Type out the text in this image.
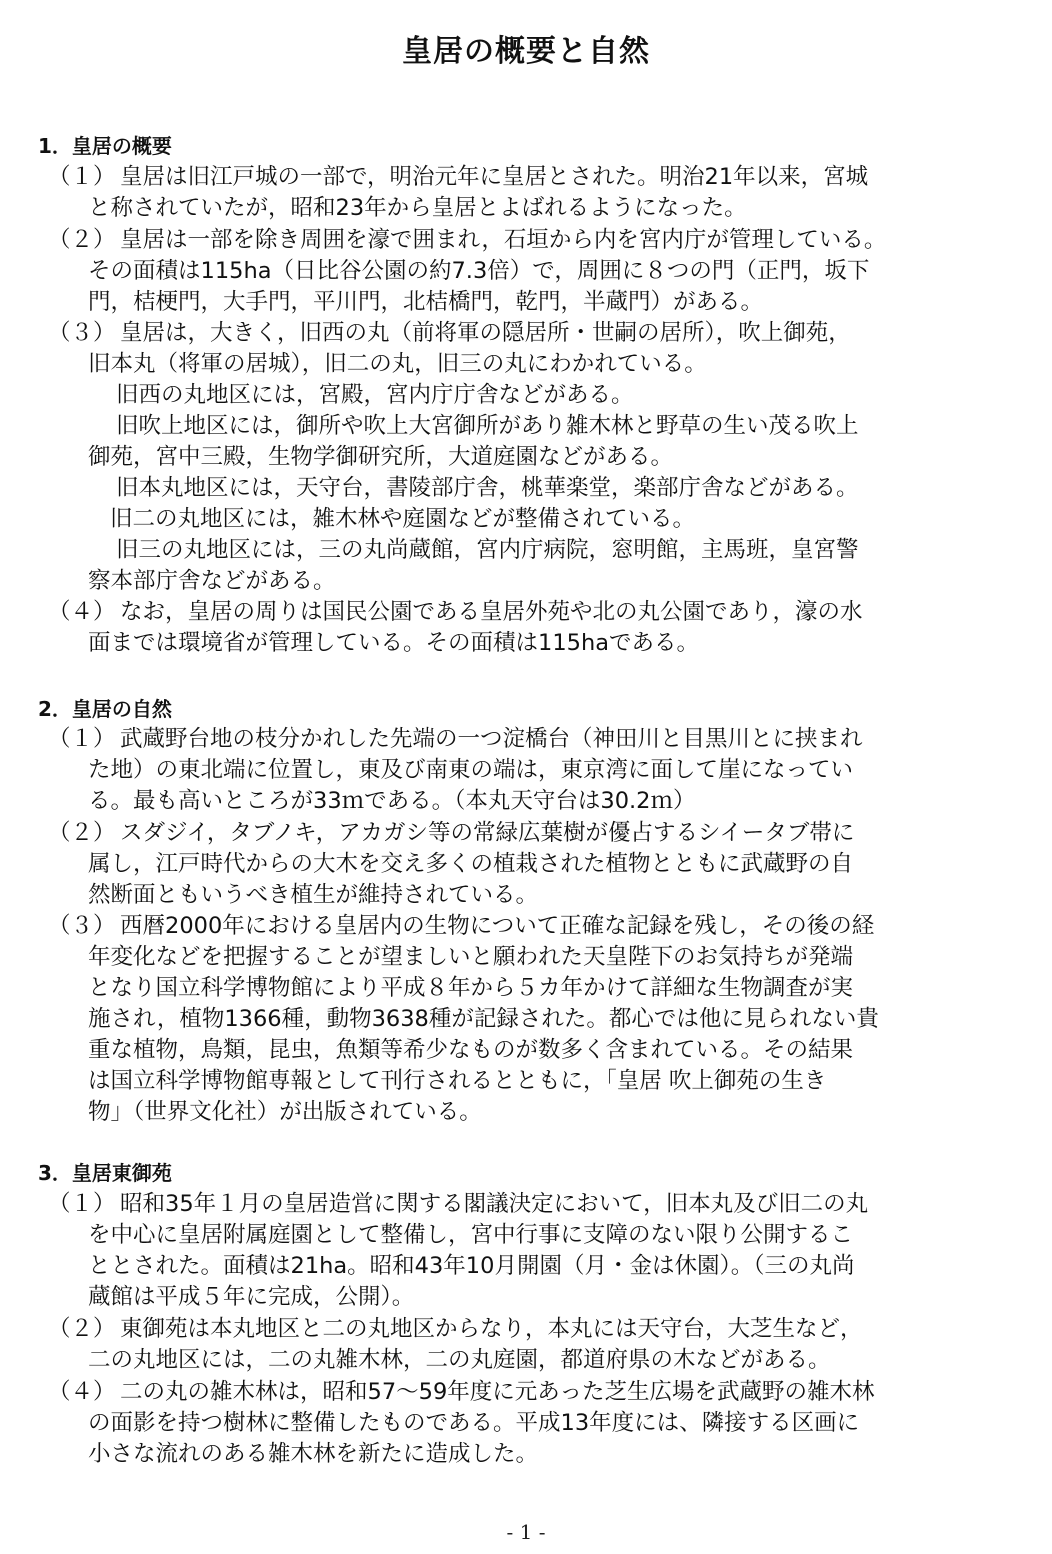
皇居の概要と自然
1．皇居の概要
（１） 皇居は旧江戸城の一部で，明治元年に皇居とされた。明治21年以来，宮城
と称されていたが，昭和23年から皇居とよばれるようになった。
（２） 皇居は一部を除き周囲を濠で囲まれ，石垣から内を宮内庁が管理している。
その面積は115ha（日比谷公園の約7.3倍）で，周囲に８つの門（正門，坂下
門，桔梗門，大手門，平川門，北桔橋門，乾門，半蔵門）がある。
（３） 皇居は，大きく，旧西の丸（前将軍の隠居所・世嗣の居所），吹上御苑，
旧本丸（将軍の居城），旧二の丸，旧三の丸にわかれている。
旧西の丸地区には，宮殿，宮内庁庁舎などがある。
旧吹上地区には，御所や吹上大宮御所があり雑木林と野草の生い茂る吹上
御苑，宮中三殿，生物学御研究所，大道庭園などがある。
旧本丸地区には，天守台，書陵部庁舎，桃華楽堂，楽部庁舎などがある。
旧二の丸地区には，雑木林や庭園などが整備されている。
旧三の丸地区には，三の丸尚蔵館，宮内庁病院，窓明館，主馬班，皇宮警
察本部庁舎などがある。
（４） なお，皇居の周りは国民公園である皇居外苑や北の丸公園であり，濠の水
面までは環境省が管理している。その面積は115haである。
2．皇居の自然
（１） 武蔵野台地の枝分かれした先端の一つ淀橋台（神田川と目黒川とに挟まれ
た地）の東北端に位置し，東及び南東の端は，東京湾に面して崖になってい
る。最も高いところが33ｍである。（本丸天守台は30.2ｍ）
（２） スダジイ，タブノキ，アカガシ等の常緑広葉樹が優占するシイータブ帯に
属し，江戸時代からの大木を交え多くの植栽された植物とともに武蔵野の自
然断面ともいうべき植生が維持されている。
（３） 西暦2000年における皇居内の生物について正確な記録を残し，その後の経
年変化などを把握することが望ましいと願われた天皇陛下のお気持ちが発端
となり国立科学博物館により平成８年から５カ年かけて詳細な生物調査が実
施され，植物1366種，動物3638種が記録された。都心では他に見られない貴
重な植物，鳥類，昆虫，魚類等希少なものが数多く含まれている。その結果
は国立科学博物館専報として刊行されるとともに，「皇居 吹上御苑の生き
物」（世界文化社）が出版されている。
3．皇居東御苑
（１） 昭和35年１月の皇居造営に関する閣議決定において，旧本丸及び旧二の丸
を中心に皇居附属庭園として整備し，宮中行事に支障のない限り公開するこ
ととされた。面積は21ha。昭和43年10月開園（月・金は休園）。（三の丸尚
蔵館は平成５年に完成，公開）。
（２） 東御苑は本丸地区と二の丸地区からなり，本丸には天守台，大芝生など，
二の丸地区には，二の丸雑木林，二の丸庭園，都道府県の木などがある。
（４） 二の丸の雑木林は，昭和57～59年度に元あった芝生広場を武蔵野の雑木林
の面影を持つ樹林に整備したものである。平成13年度には、隣接する区画に
小さな流れのある雑木林を新たに造成した。
- 1 -
